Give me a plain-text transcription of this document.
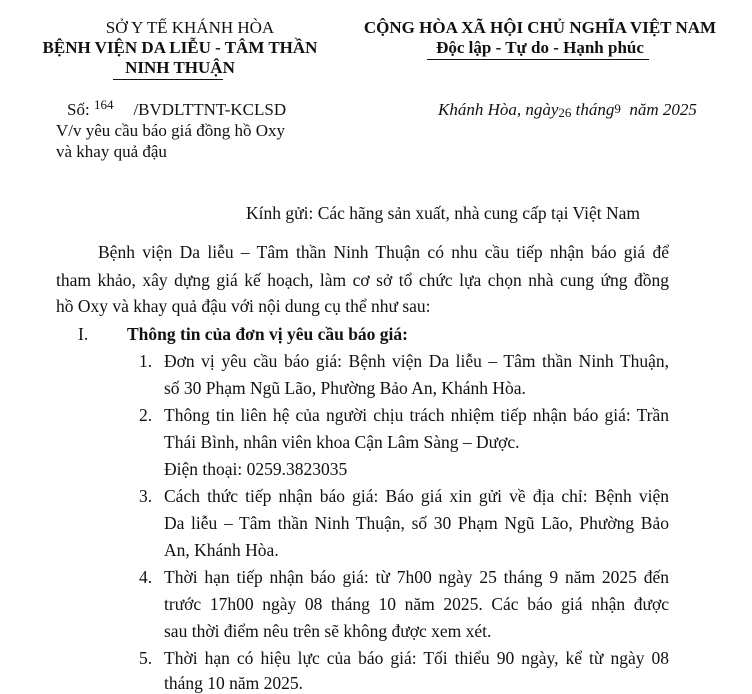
SỞ Y TẾ KHÁNH HÒA
BỆNH VIỆN DA LIỄU - TÂM THẦN
NINH THUẬN
Số: $^{164}$ /BVDLTTNT-KCLSD
V/v yêu cầu báo giá đồng hồ Oxy
và khay quả đậu
CỘNG HÒA XÃ HỘI CHỦ NGHĨA VIỆT NAM
Độc lập - Tự do - Hạnh phúc
Khánh Hòa, ngày26 tháng9 năm 2025
Kính gửi: Các hãng sản xuất, nhà cung cấp tại Việt Nam
Bệnh viện Da liễu – Tâm thần Ninh Thuận có nhu cầu tiếp nhận báo giá để
tham khảo, xây dựng giá kế hoạch, làm cơ sở tổ chức lựa chọn nhà cung ứng đồng
hồ Oxy và khay quả đậu với nội dung cụ thể như sau:
I. Thông tin của đơn vị yêu cầu báo giá:
1. Đơn vị yêu cầu báo giá: Bệnh viện Da liễu – Tâm thần Ninh Thuận,
số 30 Phạm Ngũ Lão, Phường Bảo An, Khánh Hòa.
2. Thông tin liên hệ của người chịu trách nhiệm tiếp nhận báo giá: Trần
Thái Bình, nhân viên khoa Cận Lâm Sàng – Dược.
Điện thoại: 0259.3823035
3. Cách thức tiếp nhận báo giá: Báo giá xin gửi về địa chỉ: Bệnh viện
Da liễu – Tâm thần Ninh Thuận, số 30 Phạm Ngũ Lão, Phường Bảo
An, Khánh Hòa.
4. Thời hạn tiếp nhận báo giá: từ 7h00 ngày 25 tháng 9 năm 2025 đến
trước 17h00 ngày 08 tháng 10 năm 2025. Các báo giá nhận được
sau thời điểm nêu trên sẽ không được xem xét.
5. Thời hạn có hiệu lực của báo giá: Tối thiểu 90 ngày, kể từ ngày 08
tháng 10 năm 2025.
